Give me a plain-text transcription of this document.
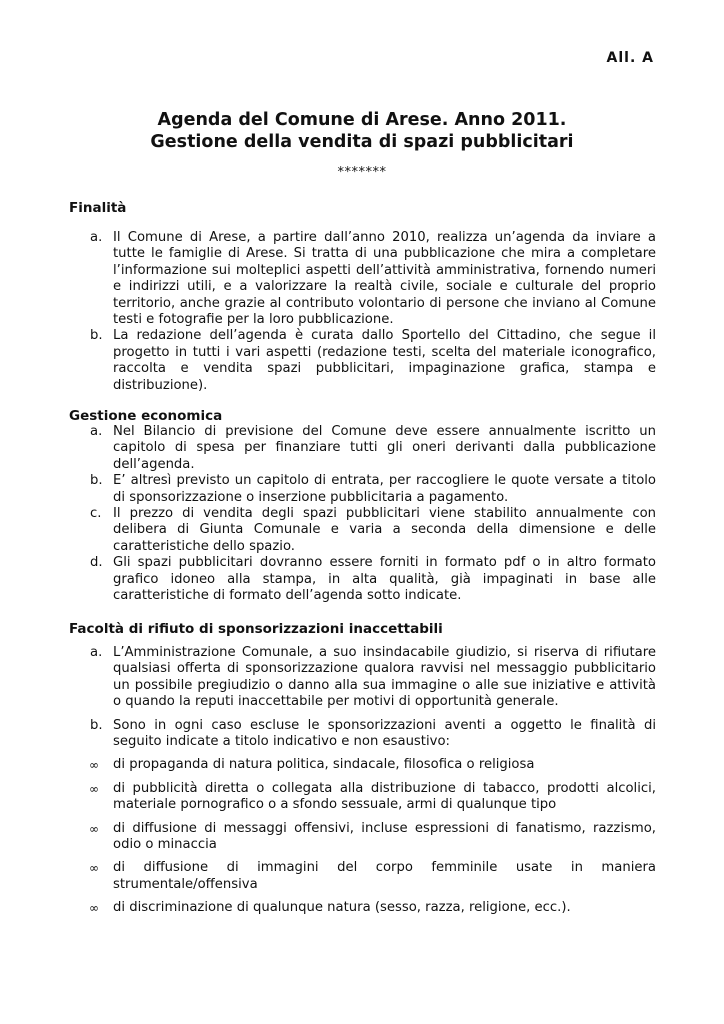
All. A
Agenda del Comune di Arese. Anno 2011.
Gestione della vendita di spazi pubblicitari
*******
Finalità
a. Il Comune di Arese, a partire dall’anno 2010, realizza un’agenda da inviare a tutte le famiglie di Arese. Si tratta di una pubblicazione che mira a completare l’informazione sui molteplici aspetti dell’attività amministrativa, fornendo numeri e indirizzi utili, e a valorizzare la realtà civile, sociale e culturale del proprio territorio, anche grazie al contributo volontario di persone che inviano al Comune testi e fotografie per la loro pubblicazione.
b. La redazione dell’agenda è curata dallo Sportello del Cittadino, che segue il progetto in tutti i vari aspetti (redazione testi, scelta del materiale iconografico, raccolta e vendita spazi pubblicitari, impaginazione grafica, stampa e distribuzione).
Gestione economica
a. Nel Bilancio di previsione del Comune deve essere annualmente iscritto un capitolo di spesa per finanziare tutti gli oneri derivanti dalla pubblicazione dell’agenda.
b. E’ altresì previsto un capitolo di entrata, per raccogliere le quote versate a titolo di sponsorizzazione o inserzione pubblicitaria a pagamento.
c. Il prezzo di vendita degli spazi pubblicitari viene stabilito annualmente con delibera di Giunta Comunale e varia a seconda della dimensione e delle caratteristiche dello spazio.
d. Gli spazi pubblicitari dovranno essere forniti in formato pdf o in altro formato grafico idoneo alla stampa, in alta qualità, già impaginati in base alle caratteristiche di formato dell’agenda sotto indicate.
Facoltà di rifiuto di sponsorizzazioni inaccettabili
a. L’Amministrazione Comunale, a suo insindacabile giudizio, si riserva di rifiutare qualsiasi offerta di sponsorizzazione qualora ravvisi nel messaggio pubblicitario un possibile pregiudizio o danno alla sua immagine o alle sue iniziative e attività o quando la reputi inaccettabile per motivi di opportunità generale.
b. Sono in ogni caso escluse le sponsorizzazioni aventi a oggetto le finalità di seguito indicate a titolo indicativo e non esaustivo:
∞ di propaganda di natura politica, sindacale, filosofica o religiosa
∞ di pubblicità diretta o collegata alla distribuzione di tabacco, prodotti alcolici, materiale pornografico o a sfondo sessuale, armi di qualunque tipo
∞ di diffusione di messaggi offensivi, incluse espressioni di fanatismo, razzismo, odio o minaccia
∞ di diffusione di immagini del corpo femminile usate in maniera strumentale/offensiva
∞ di discriminazione di qualunque natura (sesso, razza, religione, ecc.).
